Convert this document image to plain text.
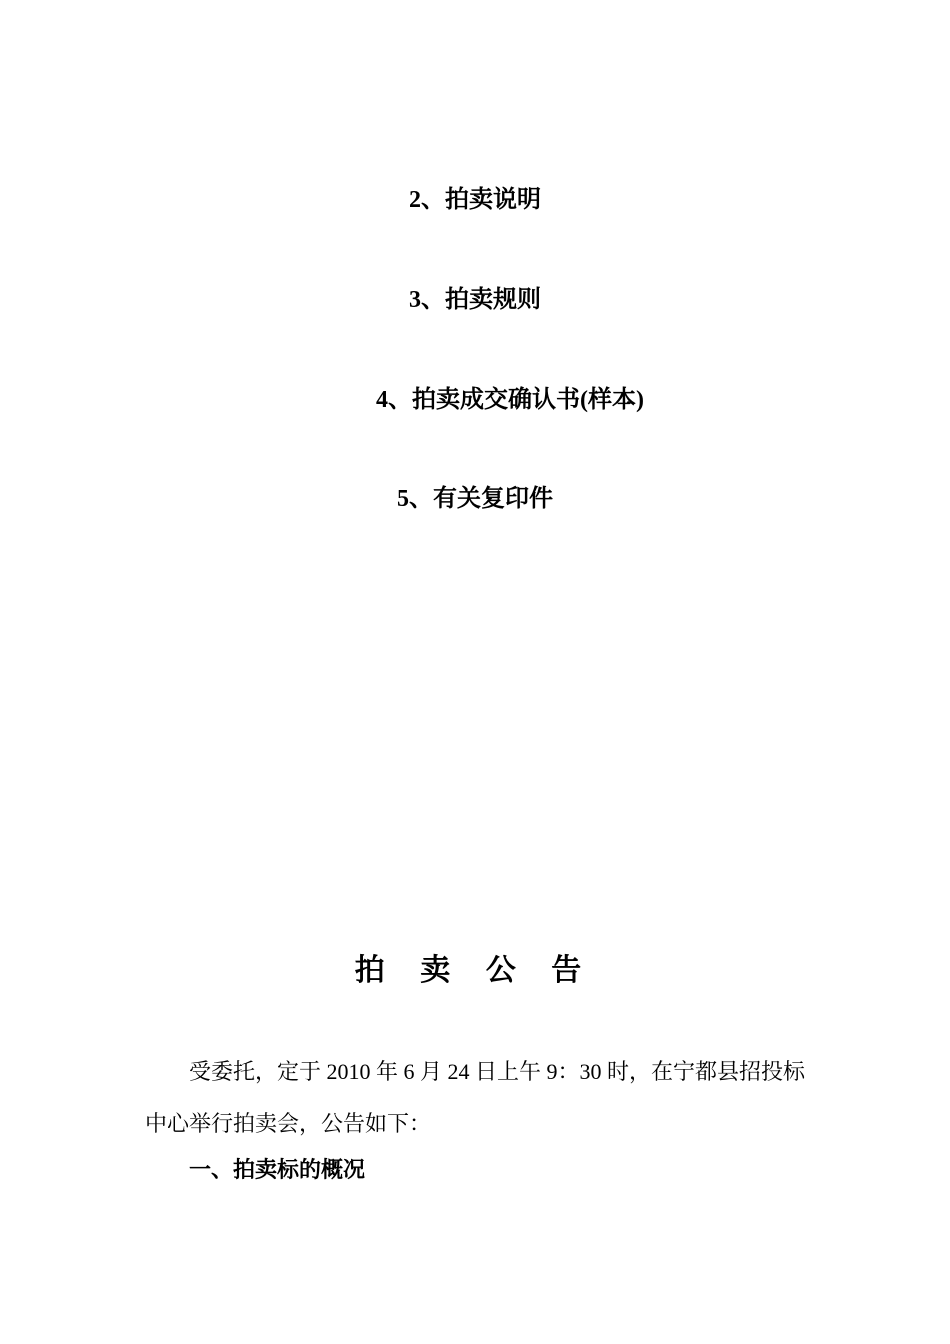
2、拍卖说明
3、拍卖规则
4、拍卖成交确认书(样本)
5、有关复印件
拍 卖 公 告
受委托，定于 2010 年 6 月 24 日上午 9：30 时，在宁都县招投标
中心举行拍卖会，公告如下：
一、拍卖标的概况
